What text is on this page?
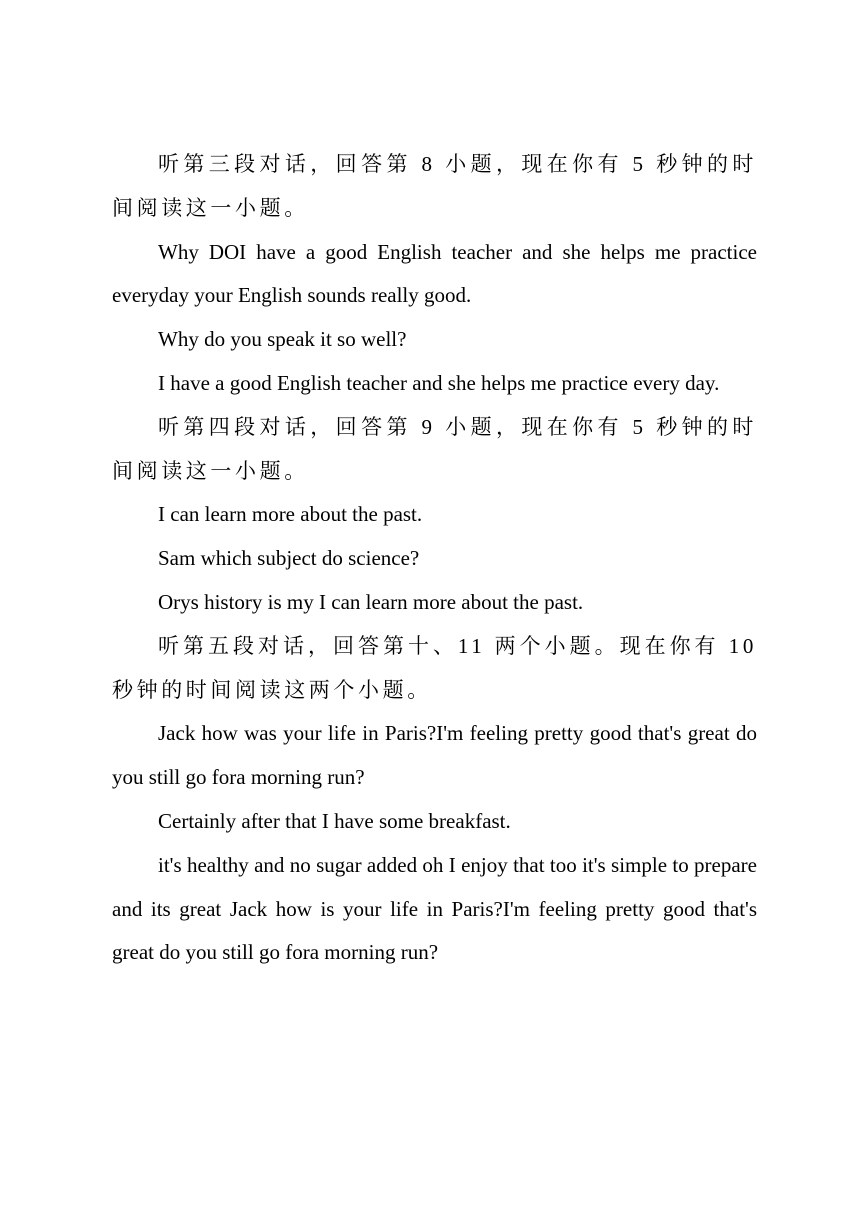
听第三段对话，回答第 8 小题，现在你有 5 秒钟的时间阅读这一小题。

Why DOI have a good English teacher and she helps me practice everyday your English sounds really good.

Why do you speak it so well?

I have a good English teacher and she helps me practice every day.

听第四段对话，回答第 9 小题，现在你有 5 秒钟的时间阅读这一小题。

I can learn more about the past.

Sam which subject do science?

Orys history is my I can learn more about the past.

听第五段对话，回答第十、11 两个小题。现在你有 10 秒钟的时间阅读这两个小题。

Jack how was your life in Paris?I'm feeling pretty good that's great do you still go fora morning run?

Certainly after that I have some breakfast.

it's healthy and no sugar added oh I enjoy that too it's simple to prepare and its great Jack how is your life in Paris?I'm feeling pretty good that's great do you still go fora morning run?
